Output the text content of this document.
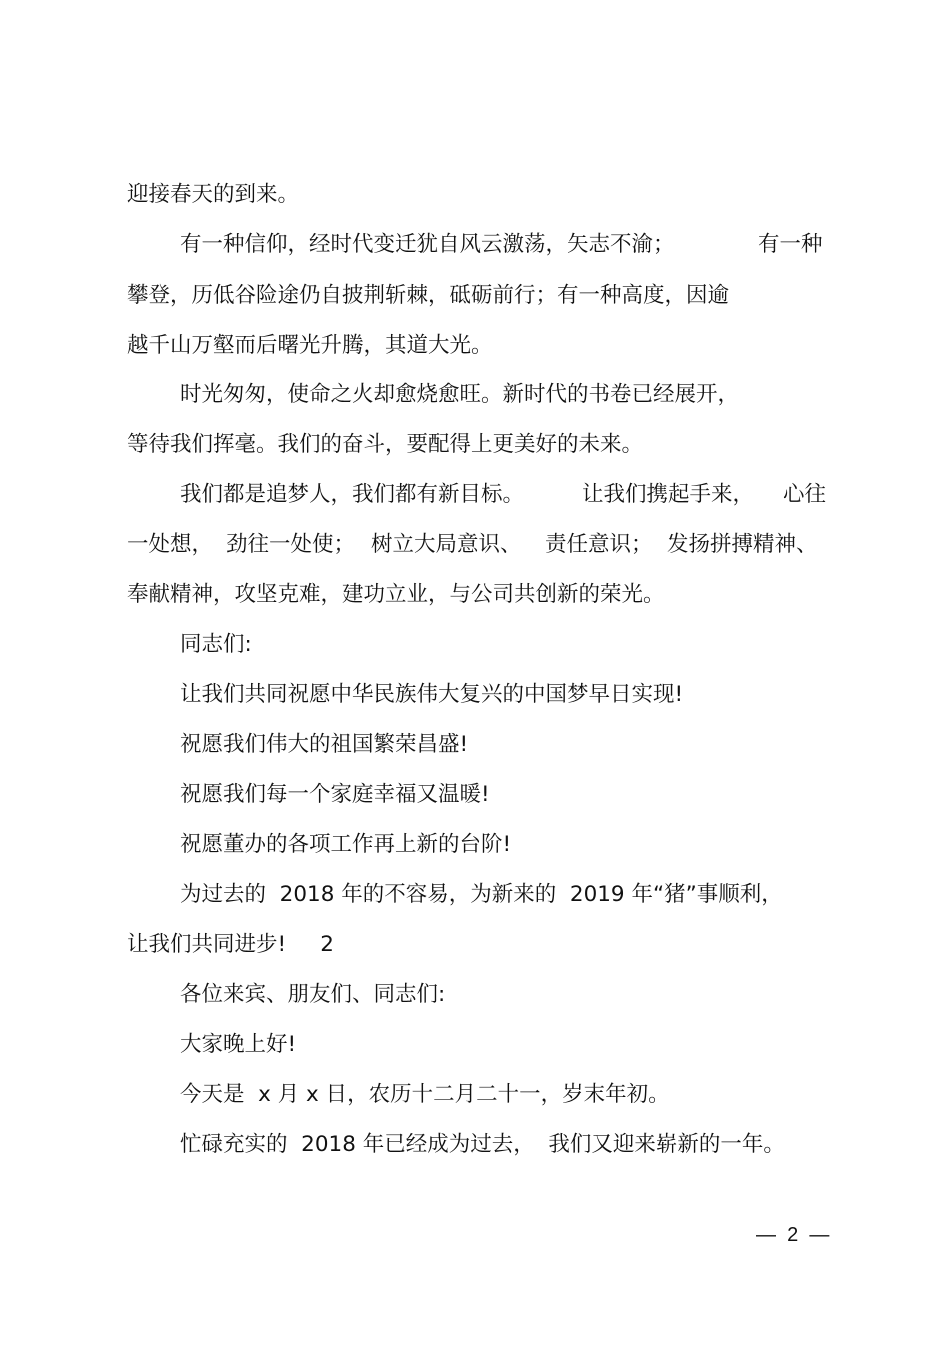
迎接春天的到来。
有一种信仰，经时代变迁犹自风云激荡，矢志不渝；	有一种
攀登，历低谷险途仍自披荆斩棘，砥砺前行；有一种高度，因逾
越千山万壑而后曙光升腾，其道大光。
时光匆匆，使命之火却愈烧愈旺。新时代的书卷已经展开，
等待我们挥毫。我们的奋斗，要配得上更美好的未来。
我们都是追梦人，我们都有新目标。	让我们携起手来， 心往
一处想， 劲往一处使； 树立大局意识、 责任意识； 发扬拼搏精神、
奉献精神，攻坚克难，建功立业，与公司共创新的荣光。
同志们:
让我们共同祝愿中华民族伟大复兴的中国梦早日实现!
祝愿我们伟大的祖国繁荣昌盛!
祝愿我们每一个家庭幸福又温暖!
祝愿董办的各项工作再上新的台阶!
为过去的  2018 年的不容易，为新来的  2019 年“猪”事顺利，
让我们共同进步!     2
各位来宾、朋友们、同志们:
大家晚上好!
今天是  x 月 x 日，农历十二月二十一，岁末年初。
忙碌充实的  2018 年已经成为过去，  我们又迎来崭新的一年。
—  2  —
